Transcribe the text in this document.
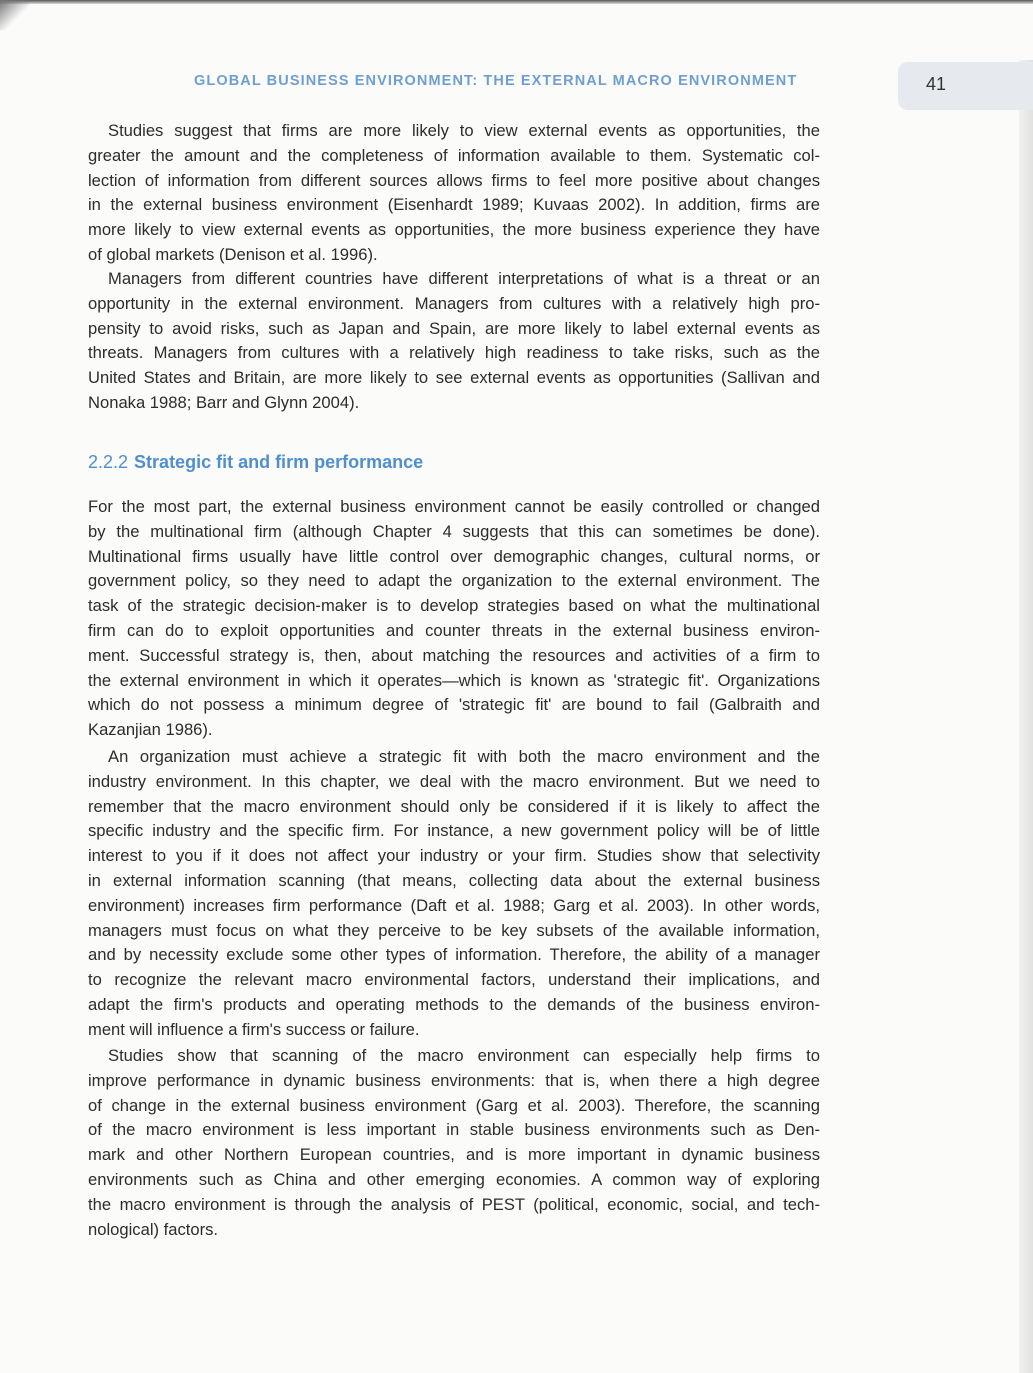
GLOBAL BUSINESS ENVIRONMENT: THE EXTERNAL MACRO ENVIRONMENT	41
2.2.2 Strategic fit and firm performance
Studies suggest that firms are more likely to view external events as opportunities, the
greater the amount and the completeness of information available to them. Systematic col-
lection of information from different sources allows firms to feel more positive about changes
in the external business environment (Eisenhardt 1989; Kuvaas 2002). In addition, firms are
more likely to view external events as opportunities, the more business experience they have
of global markets (Denison et al. 1996).
Managers from different countries have different interpretations of what is a threat or an
opportunity in the external environment. Managers from cultures with a relatively high pro-
pensity to avoid risks, such as Japan and Spain, are more likely to label external events as
threats. Managers from cultures with a relatively high readiness to take risks, such as the
United States and Britain, are more likely to see external events as opportunities (Sallivan and
Nonaka 1988; Barr and Glynn 2004).
For the most part, the external business environment cannot be easily controlled or changed
by the multinational firm (although Chapter 4 suggests that this can sometimes be done).
Multinational firms usually have little control over demographic changes, cultural norms, or
government policy, so they need to adapt the organization to the external environment. The
task of the strategic decision-maker is to develop strategies based on what the multinational
firm can do to exploit opportunities and counter threats in the external business environ-
ment. Successful strategy is, then, about matching the resources and activities of a firm to
the external environment in which it operates—which is known as 'strategic fit'. Organizations
which do not possess a minimum degree of 'strategic fit' are bound to fail (Galbraith and
Kazanjian 1986).
An organization must achieve a strategic fit with both the macro environment and the
industry environment. In this chapter, we deal with the macro environment. But we need to
remember that the macro environment should only be considered if it is likely to affect the
specific industry and the specific firm. For instance, a new government policy will be of little
interest to you if it does not affect your industry or your firm. Studies show that selectivity
in external information scanning (that means, collecting data about the external business
environment) increases firm performance (Daft et al. 1988; Garg et al. 2003). In other words,
managers must focus on what they perceive to be key subsets of the available information,
and by necessity exclude some other types of information. Therefore, the ability of a manager
to recognize the relevant macro environmental factors, understand their implications, and
adapt the firm's products and operating methods to the demands of the business environ-
ment will influence a firm's success or failure.
Studies show that scanning of the macro environment can especially help firms to
improve performance in dynamic business environments: that is, when there a high degree
of change in the external business environment (Garg et al. 2003). Therefore, the scanning
of the macro environment is less important in stable business environments such as Den-
mark and other Northern European countries, and is more important in dynamic business
environments such as China and other emerging economies. A common way of exploring
the macro environment is through the analysis of PEST (political, economic, social, and tech-
nological) factors.
